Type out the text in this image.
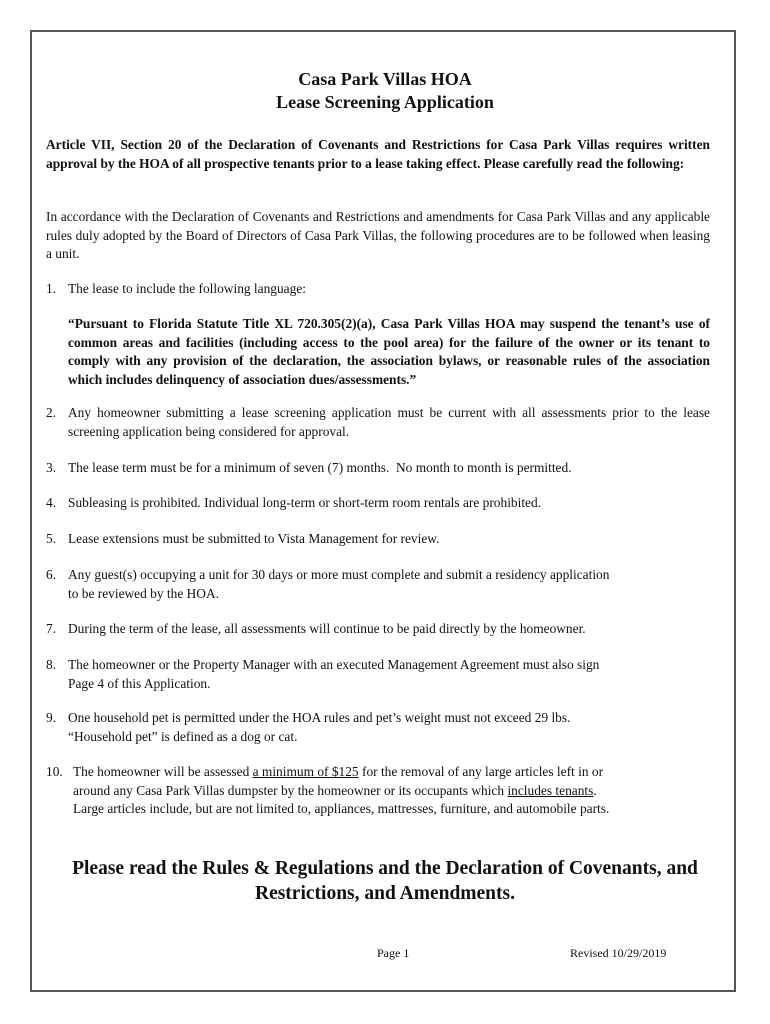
Casa Park Villas HOA
Lease Screening Application
Article VII, Section 20 of the Declaration of Covenants and Restrictions for Casa Park Villas requires written approval by the HOA of all prospective tenants prior to a lease taking effect. Please carefully read the following:
In accordance with the Declaration of Covenants and Restrictions and amendments for Casa Park Villas and any applicable rules duly adopted by the Board of Directors of Casa Park Villas, the following procedures are to be followed when leasing a unit.
1. The lease to include the following language:
“Pursuant to Florida Statute Title XL 720.305(2)(a), Casa Park Villas HOA may suspend the tenant’s use of common areas and facilities (including access to the pool area) for the failure of the owner or its tenant to comply with any provision of the declaration, the association bylaws, or reasonable rules of the association which includes delinquency of association dues/assessments.”
2. Any homeowner submitting a lease screening application must be current with all assessments prior to the lease screening application being considered for approval.
3. The lease term must be for a minimum of seven (7) months.  No month to month is permitted.
4. Subleasing is prohibited. Individual long-term or short-term room rentals are prohibited.
5. Lease extensions must be submitted to Vista Management for review.
6. Any guest(s) occupying a unit for 30 days or more must complete and submit a residency application
to be reviewed by the HOA.
7. During the term of the lease, all assessments will continue to be paid directly by the homeowner.
8. The homeowner or the Property Manager with an executed Management Agreement must also sign
Page 4 of this Application.
9. One household pet is permitted under the HOA rules and pet’s weight must not exceed 29 lbs.
“Household pet” is defined as a dog or cat.
10. The homeowner will be assessed a minimum of $125 for the removal of any large articles left in or
around any Casa Park Villas dumpster by the homeowner or its occupants which includes tenants.
Large articles include, but are not limited to, appliances, mattresses, furniture, and automobile parts.
Please read the Rules & Regulations and the Declaration of Covenants, and
Restrictions, and Amendments.
Page 1	Revised 10/29/2019
